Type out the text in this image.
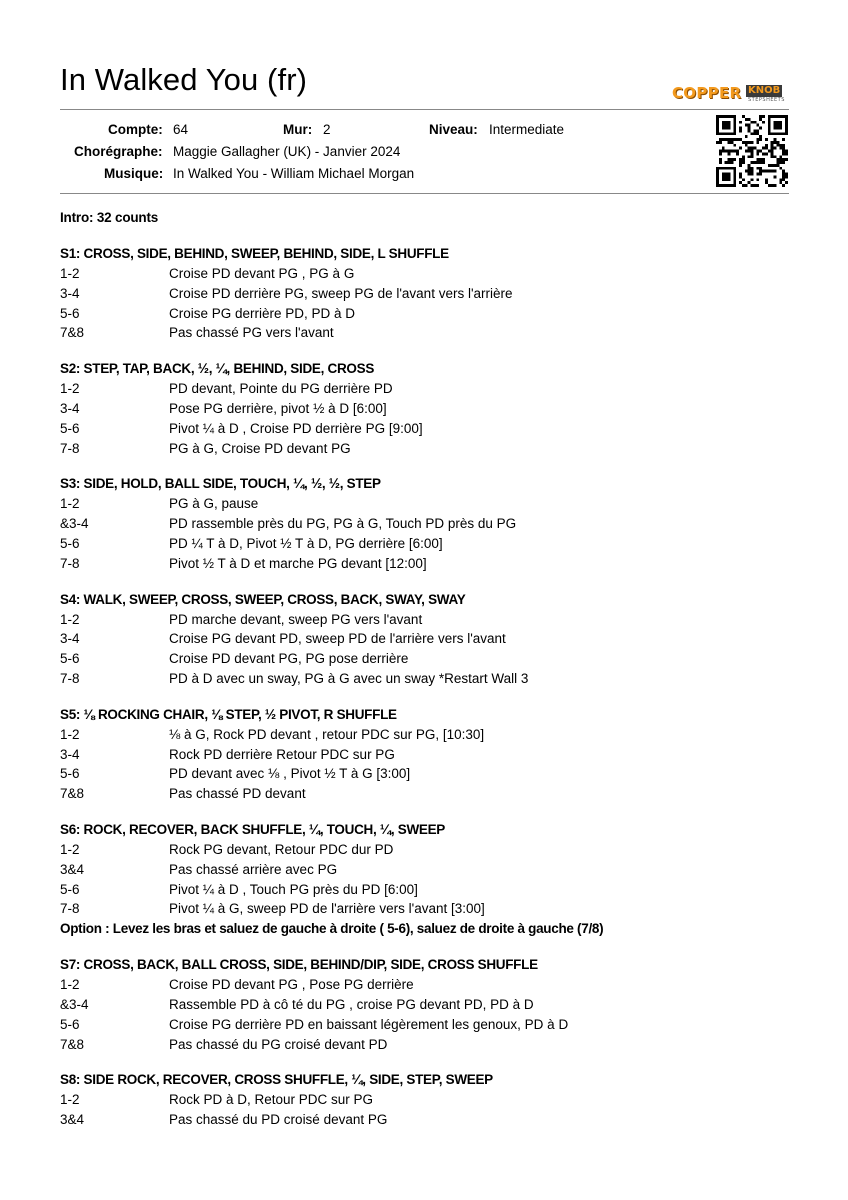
In Walked You (fr)	COPPER KNOB
STEPSHEETS
Compte: 64	Mur: 2	Niveau: Intermediate
Chorégraphe: Maggie Gallagher (UK) - Janvier 2024
Musique: In Walked You - William Michael Morgan
Intro: 32 counts
S1: CROSS, SIDE, BEHIND, SWEEP, BEHIND, SIDE, L SHUFFLE
1-2	Croise PD devant PG , PG à G
3-4	Croise PD derrière PG, sweep PG de l'avant vers l'arrière
5-6	Croise PG derrière PD, PD à D
7&8	Pas chassé PG vers l'avant
S2: STEP, TAP, BACK, ½, ¼, BEHIND, SIDE, CROSS
1-2	PD devant, Pointe du PG derrière PD
3-4	Pose PG derrière, pivot ½ à D [6:00]
5-6	Pivot ¼ à D , Croise PD derrière PG [9:00]
7-8	PG à G, Croise PD devant PG
S3: SIDE, HOLD, BALL SIDE, TOUCH, ¼, ½, ½, STEP
1-2	PG à G, pause
&3-4	PD rassemble près du PG, PG à G, Touch PD près du PG
5-6	PD ¼ T à D, Pivot ½ T à D, PG derrière [6:00]
7-8	Pivot ½ T à D et marche PG devant [12:00]
S4: WALK, SWEEP, CROSS, SWEEP, CROSS, BACK, SWAY, SWAY
1-2	PD marche devant, sweep PG vers l'avant
3-4	Croise PG devant PD, sweep PD de l'arrière vers l'avant
5-6	Croise PD devant PG, PG pose derrière
7-8	PD à D avec un sway, PG à G avec un sway *Restart Wall 3
S5: ⅛ ROCKING CHAIR, ⅛ STEP, ½ PIVOT, R SHUFFLE
1-2	⅛ à G, Rock PD devant , retour PDC sur PG, [10:30]
3-4	Rock PD derrière Retour PDC sur PG
5-6	PD devant avec ⅛ , Pivot ½ T à G [3:00]
7&8	Pas chassé PD devant
S6: ROCK, RECOVER, BACK SHUFFLE, ¼, TOUCH, ¼, SWEEP
1-2	Rock PG devant, Retour PDC dur PD
3&4	Pas chassé arrière avec PG
5-6	Pivot ¼ à D , Touch PG près du PD [6:00]
7-8	Pivot ¼ à G, sweep PD de l'arrière vers l'avant [3:00]
Option : Levez les bras et saluez de gauche à droite ( 5-6), saluez de droite à gauche (7/8)
S7: CROSS, BACK, BALL CROSS, SIDE, BEHIND/DIP, SIDE, CROSS SHUFFLE
1-2	Croise PD devant PG , Pose PG derrière
&3-4	Rassemble PD à cô té du PG , croise PG devant PD, PD à D
5-6	Croise PG derrière PD en baissant légèrement les genoux, PD à D
7&8	Pas chassé du PG croisé devant PD
S8: SIDE ROCK, RECOVER, CROSS SHUFFLE, ¼, SIDE, STEP, SWEEP
1-2	Rock PD à D, Retour PDC sur PG
3&4	Pas chassé du PD croisé devant PG
